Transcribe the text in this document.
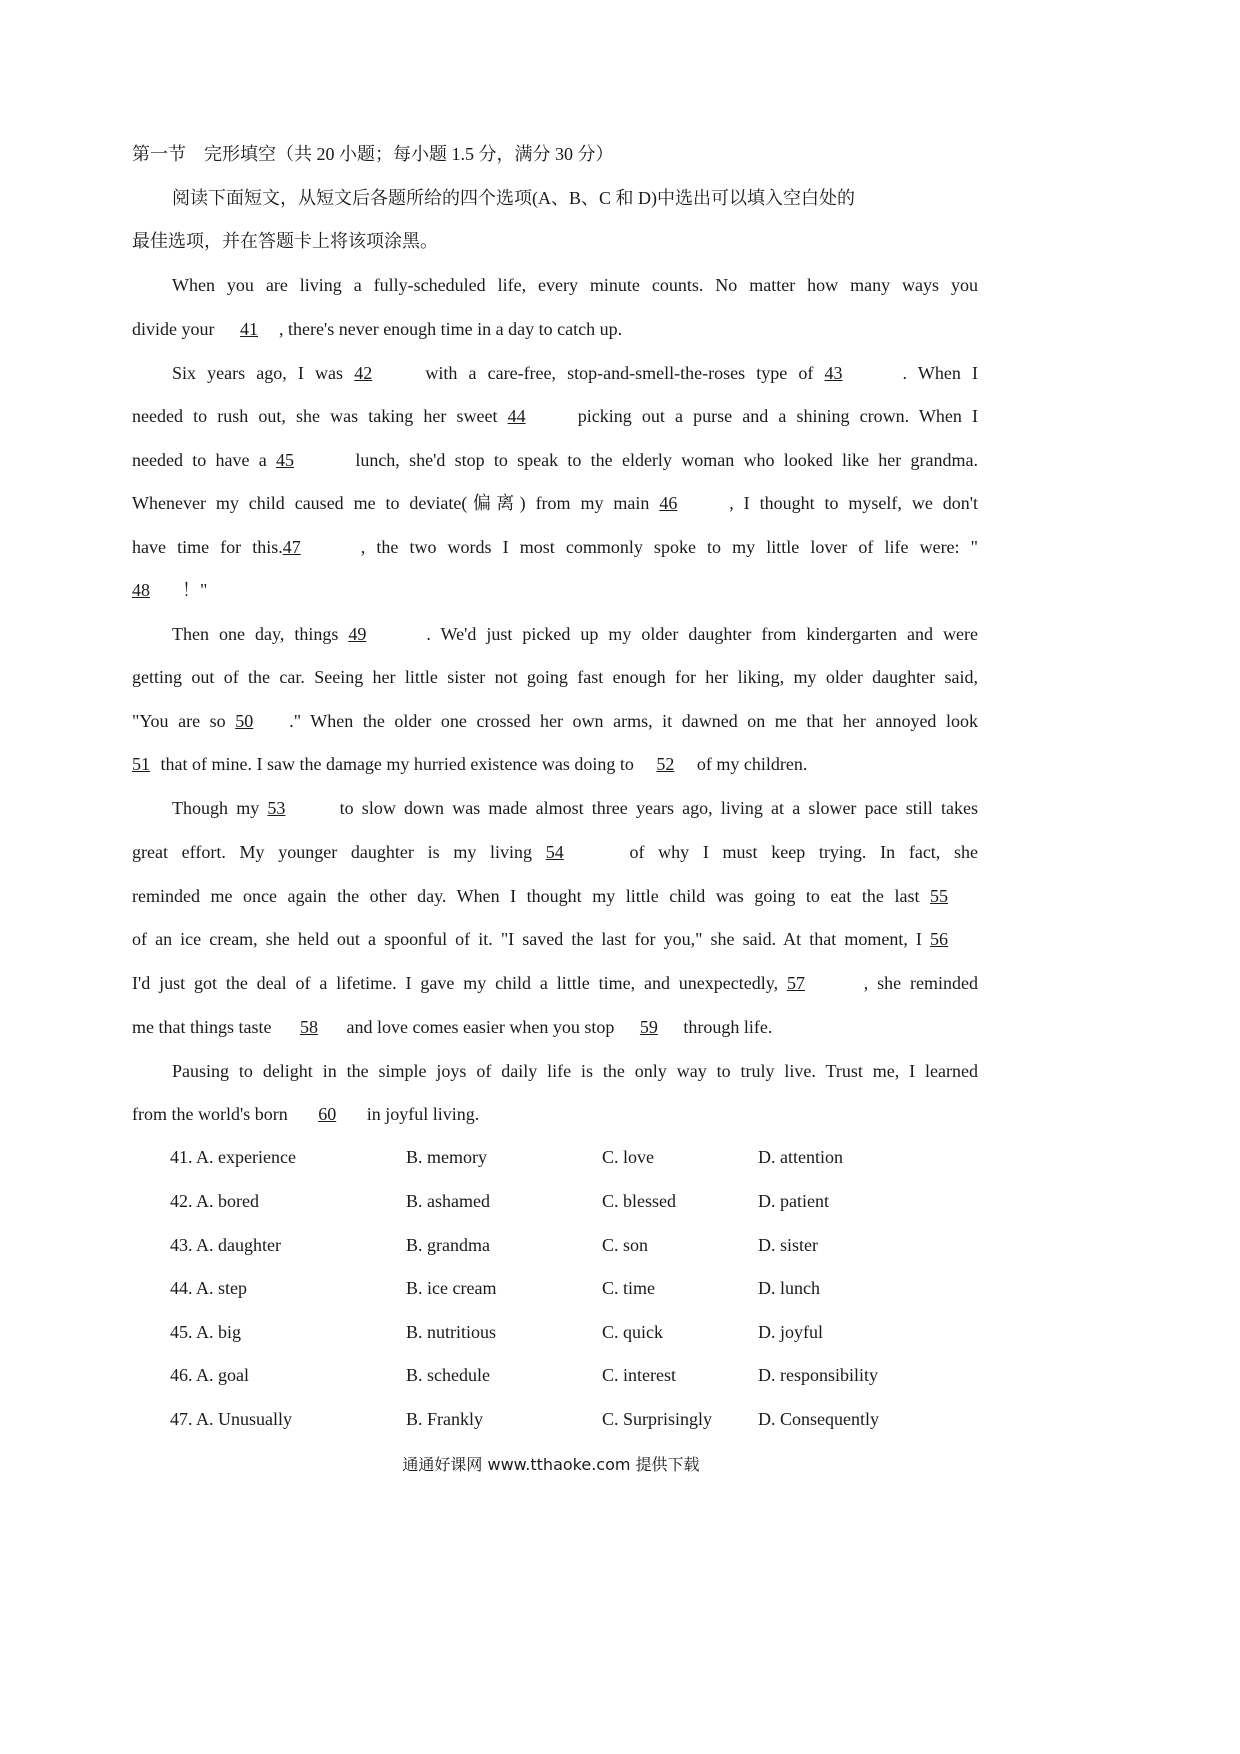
第一节　完形填空（共 20 小题；每小题 1.5 分，满分 30 分）
阅读下面短文，从短文后各题所给的四个选项(A、B、C 和 D)中选出可以填入空白处的
最佳选项，并在答题卡上将该项涂黑。
When you are living a fully-scheduled life, every minute counts. No matter how many ways you
divide your 41 , there's never enough time in a day to catch up.
Six years ago, I was 42 with a care-free, stop-and-smell-the-roses type of 43	. When I
needed to rush out, she was taking her sweet 44 picking out a purse and a shining crown. When I
needed to have a 45	lunch, she'd stop to speak to the elderly woman who looked like her grandma.
Whenever my child caused me to deviate(偏离) from my main 46 , I thought to myself, we don't
have time for this.47	, the two words I most commonly spoke to my little lover of life were: "
48 ！"
Then one day, things 49	. We'd just picked up my older daughter from kindergarten and were
getting out of the car. Seeing her little sister not going fast enough for her liking, my older daughter said,
"You are so 50 ." When the older one crossed her own arms, it dawned on me that her annoyed look
51 that of mine. I saw the damage my hurried existence was doing to 52 of my children.
Though my 53	to slow down was made almost three years ago, living at a slower pace still takes
great effort. My younger daughter is my living 54	of why I must keep trying. In fact, she
reminded me once again the other day. When I thought my little child was going to eat the last 55
of an ice cream, she held out a spoonful of it. "I saved the last for you," she said. At that moment, I 56
I'd just got the deal of a lifetime. I gave my child a little time, and unexpectedly, 57	, she reminded
me that things taste 58 and love comes easier when you stop 59 through life.
Pausing to delight in the simple joys of daily life is the only way to truly live. Trust me, I learned
from the world's born 60 in joyful living.
41. A. experience	B. memory	C. love	D. attention
42. A. bored	B. ashamed	C. blessed	D. patient
43. A. daughter	B. grandma	C. son	D. sister
44. A. step	B. ice cream	C. time	D. lunch
45. A. big	B. nutritious	C. quick	D. joyful
46. A. goal	B. schedule	C. interest	D. responsibility
47. A. Unusually	B. Frankly	C. Surprisingly	D. Consequently
通通好课网 www.tthaoke.com 提供下载
